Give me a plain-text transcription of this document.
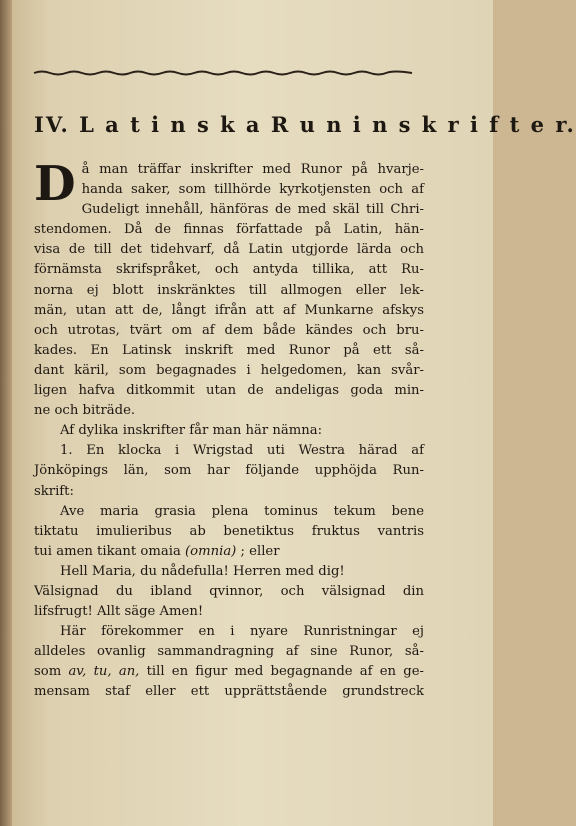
IV. L a t i n s k a R u n i n s k r i f t e r.
D å man träffar inskrifter med Runor på hvarje-
handa saker, som tillhörde kyrkotjensten och af
Gudeligt innehåll, hänföras de med skäl till Chri-
stendomen. Då de finnas författade på Latin, hän-
visa de till det tidehvarf, då Latin utgjorde lärda och
förnämsta skrifspråket, och antyda tillika, att Ru-
norna ej blott inskränktes till allmogen eller lek-
män, utan att de, långt ifrån att af Munkarne afskys
och utrotas, tvärt om af dem både kändes och bru-
kades. En Latinsk inskrift med Runor på ett så-
dant käril, som begagnades i helgedomen, kan svår-
ligen hafva ditkommit utan de andeligas goda min-
ne och biträde.
Af dylika inskrifter får man här nämna:
1. En klocka i Wrigstad uti Westra härad af
Jönköpings län, som har följande upphöjda Run-
skrift:
Ave maria grasia plena tominus tekum bene
tiktatu imulieribus ab benetiktus fruktus vantris
tui amen tikant omaia (omnia) ; eller
Hell Maria, du nådefulla! Herren med dig!
Välsignad du ibland qvinnor, och välsignad din
lifsfrugt! Allt säge Amen!
Här förekommer en i nyare Runristningar ej
alldeles ovanlig sammandragning af sine Runor, så-
som av, tu, an, till en figur med begagnande af en ge-
mensam staf eller ett upprättstående grundstreck
